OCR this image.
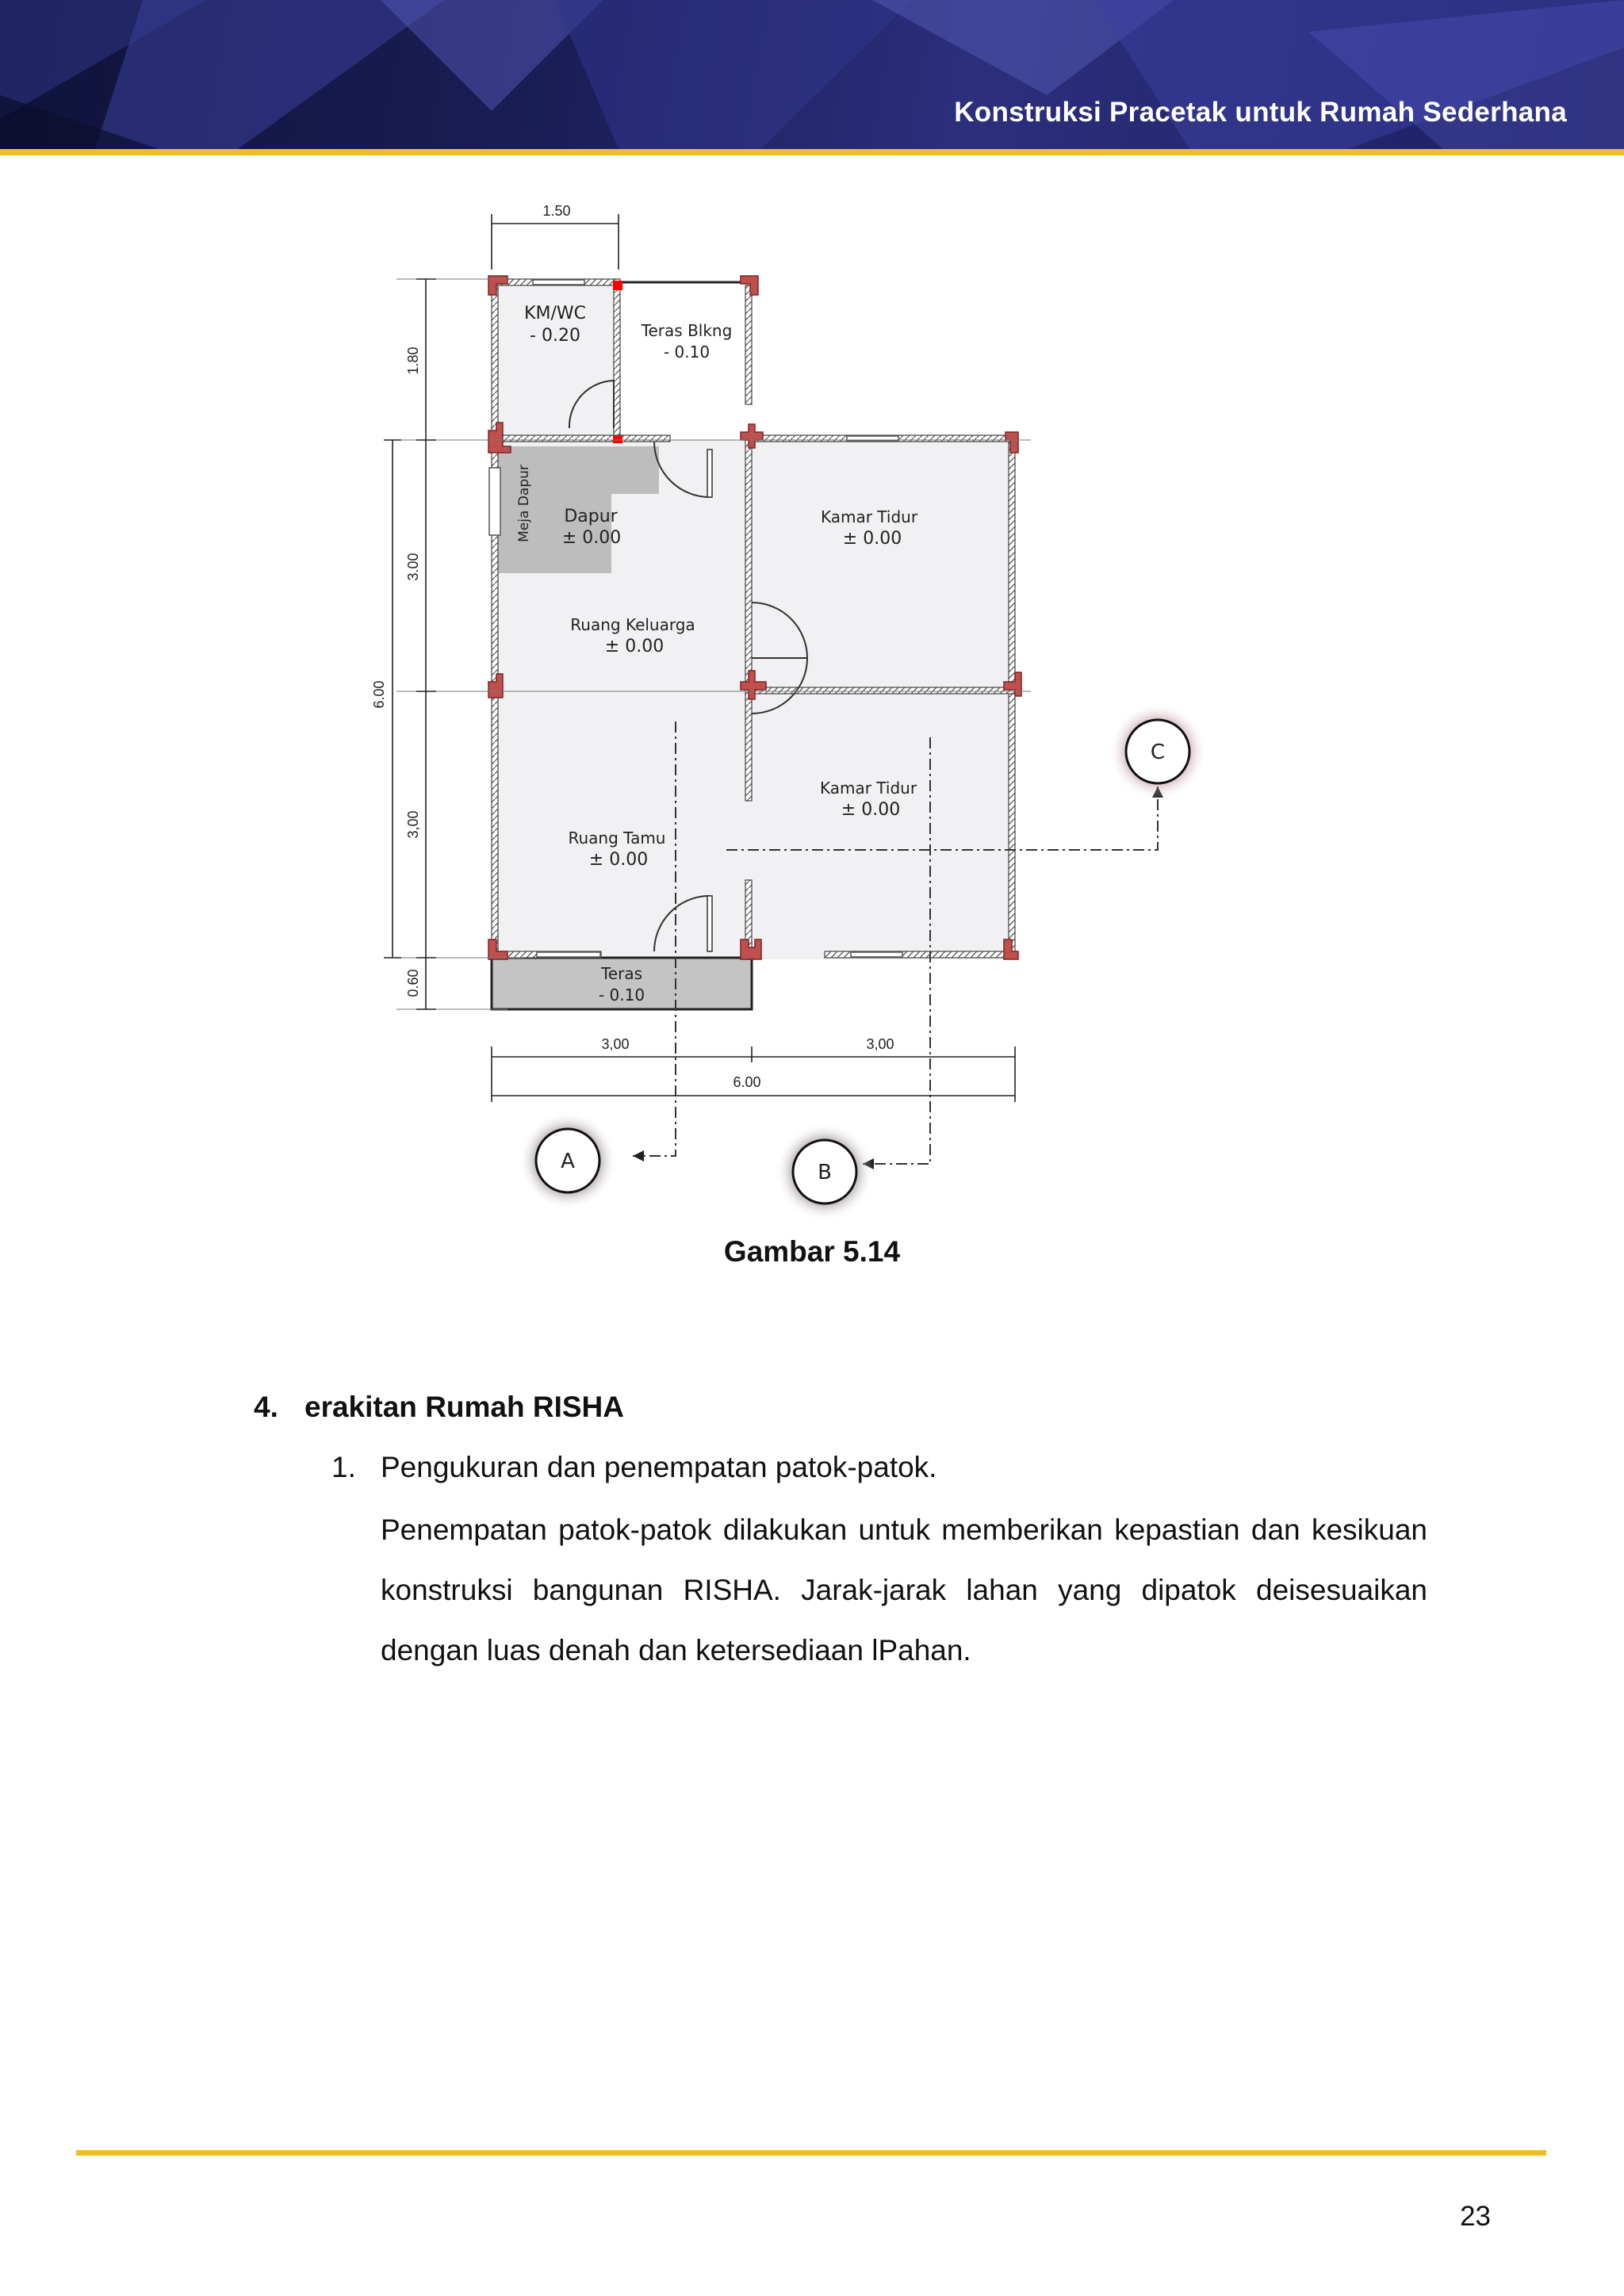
Konstruksi Pracetak untuk Rumah Sederhana
1.50
1.80
3.00
3,00
6.00
0.60
3,00	3,00
6.00
KM/WC
- 0.20	Teras Blkng
- 0.10
Meja Dapur Dapur
± 0.00
Ruang Keluarga
± 0.00
Kamar Tidur
± 0.00
Kamar Tidur
± 0.00
Ruang Tamu
± 0.00
Teras
- 0.10
A	B
C
Gambar 5.14
4. erakitan Rumah RISHA
1. Pengukuran dan penempatan patok-patok.
Penempatan patok-patok dilakukan untuk memberikan kepastian dan kesikuan konstruksi bangunan RISHA. Jarak-jarak lahan yang dipatok deisesuaikan dengan luas denah dan ketersediaan lPahan.
23
